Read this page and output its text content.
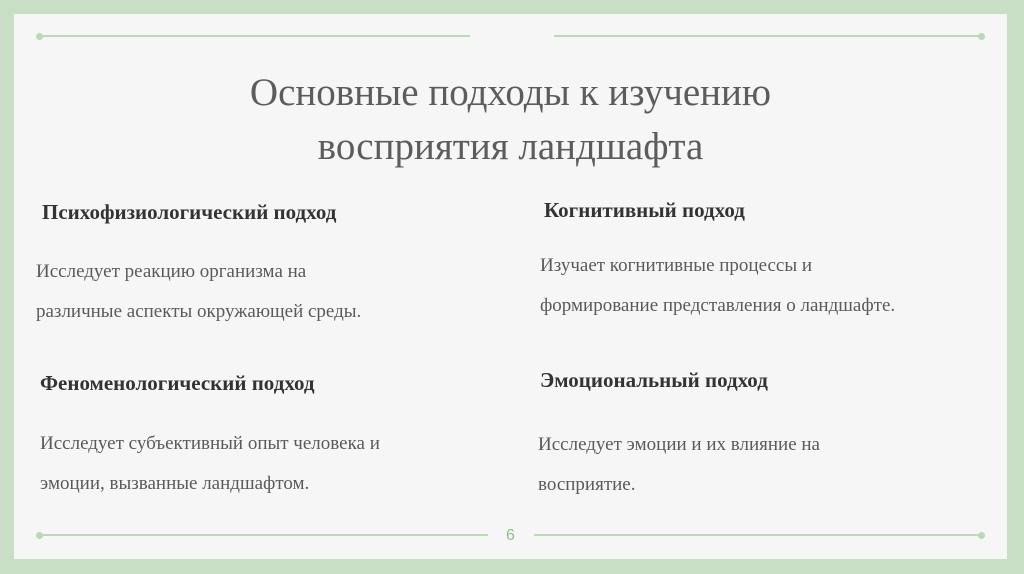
Основные подходы к изучению
восприятия ландшафта
Психофизиологический подход

Исследует реакцию организма на
различные аспекты окружающей среды.

Когнитивный подход

Изучает когнитивные процессы и
формирование представления о ландшафте.

Феноменологический подход

Исследует субъективный опыт человека и
эмоции, вызванные ландшафтом.

Эмоциональный подход

Исследует эмоции и их влияние на
восприятие.

6
